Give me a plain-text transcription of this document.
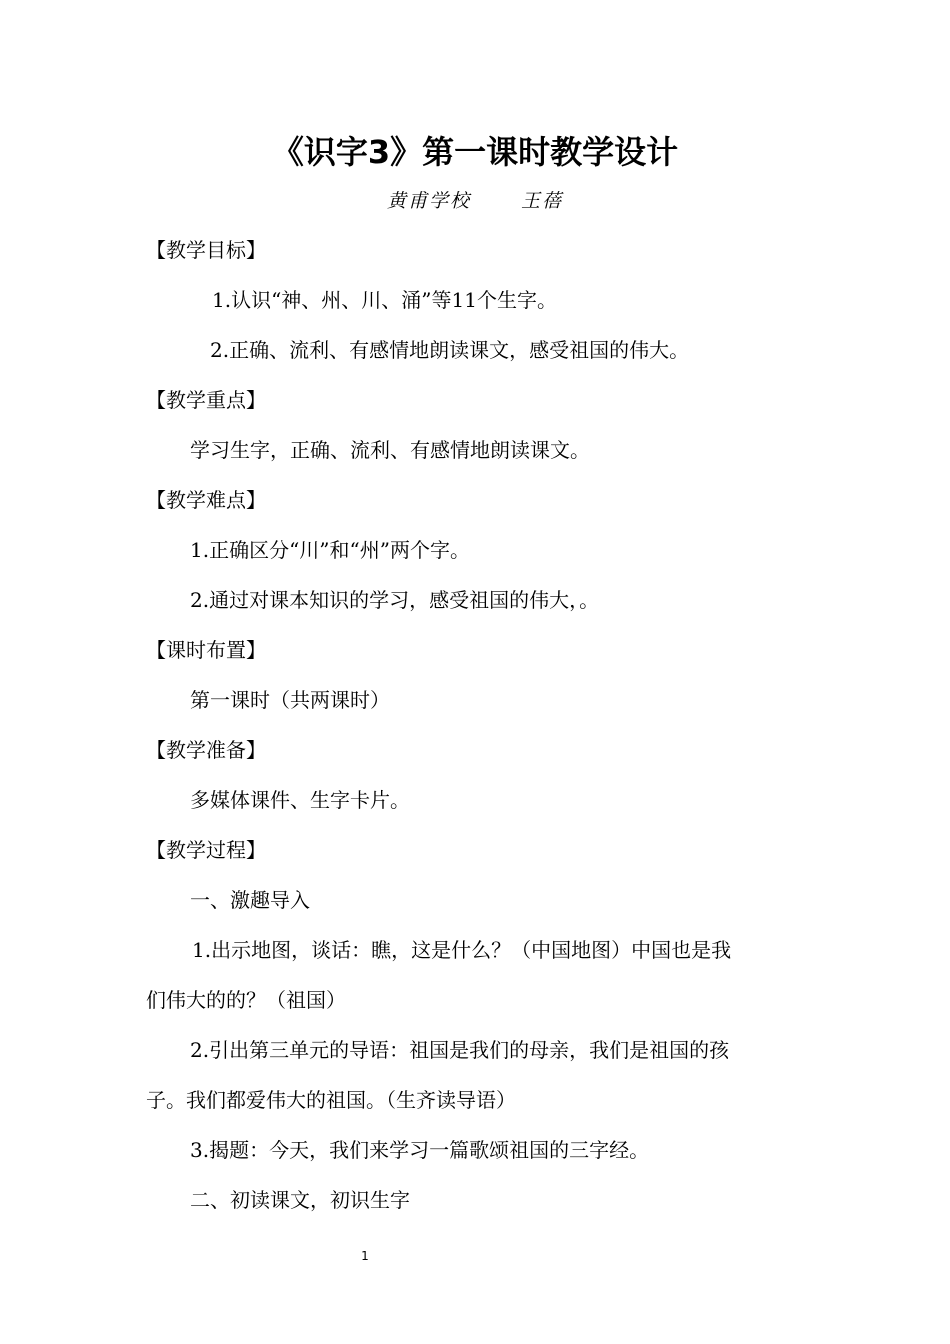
《识字3》第一课时教学设计
黄甫学校	王蓓
【教学目标】
1.认识“神、州、川、涌”等11个生字。
2.正确、流利、有感情地朗读课文，感受祖国的伟大。
【教学重点】
学习生字，正确、流利、有感情地朗读课文。
【教学难点】
1.正确区分“川”和“州”两个字。
2.通过对课本知识的学习，感受祖国的伟大，。
【课时布置】
第一课时（共两课时）
【教学准备】
多媒体课件、生字卡片。
【教学过程】
一、激趣导入
1.出示地图，谈话：瞧，这是什么？（中国地图）中国也是我
们伟大的的？（祖国）
2.引出第三单元的导语：祖国是我们的母亲，我们是祖国的孩
子。我们都爱伟大的祖国。（生齐读导语）
3.揭题：今天，我们来学习一篇歌颂祖国的三字经。
二、初读课文，初识生字
1
